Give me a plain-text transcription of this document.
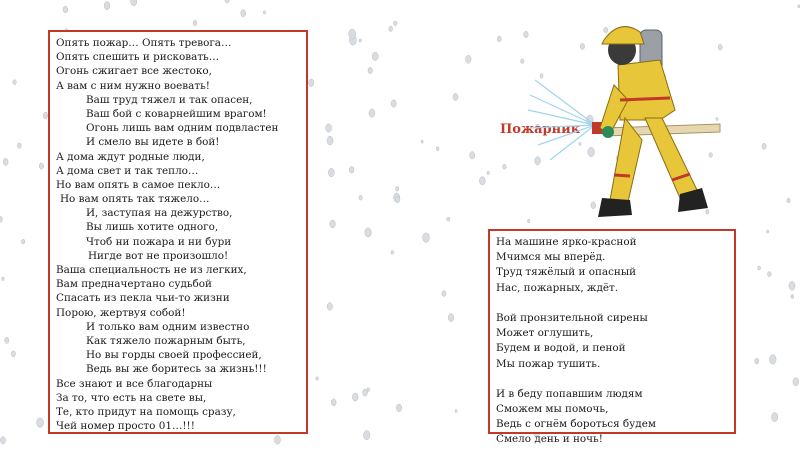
Опять пожар… Опять тревога…
Опять спешить и рисковать…
Огонь сжигает все жестоко,
А вам с ним нужно воевать!
Ваш труд тяжел и так опасен,
Ваш бой с коварнейшим врагом!
Огонь лишь вам одним подвластен
И смело вы идете в бой!
А дома ждут родные люди,
А дома свет и так тепло…
Но вам опять в самое пекло…
Но вам опять так тяжело…
И, заступая на дежурство,
Вы лишь хотите одного,
Чтоб ни пожара и ни бури
Нигде вот не произошло!
Ваша специальность не из легких,
Вам предначертано судьбой
Спасать из пекла чьи-то жизни
Порою, жертвуя собой!
И только вам одним известно
Как тяжело пожарным быть,
Но вы горды своей профессией,
Ведь вы же боритесь за жизнь!!!
Все знают и все благодарны
За то, что есть на свете вы,
Те, кто придут на помощь сразу,
Чей номер просто 01…!!!
Пожарник
На машине ярко-красной
Мчимся мы вперёд.
Труд тяжёлый и опасный
Нас, пожарных, ждёт.
Вой пронзительной сирены
Может оглушить,
Будем и водой, и пеной
Мы пожар тушить.
И в беду попавшим людям
Сможем мы помочь,
Ведь с огнём бороться будем
Смело день и ночь!
